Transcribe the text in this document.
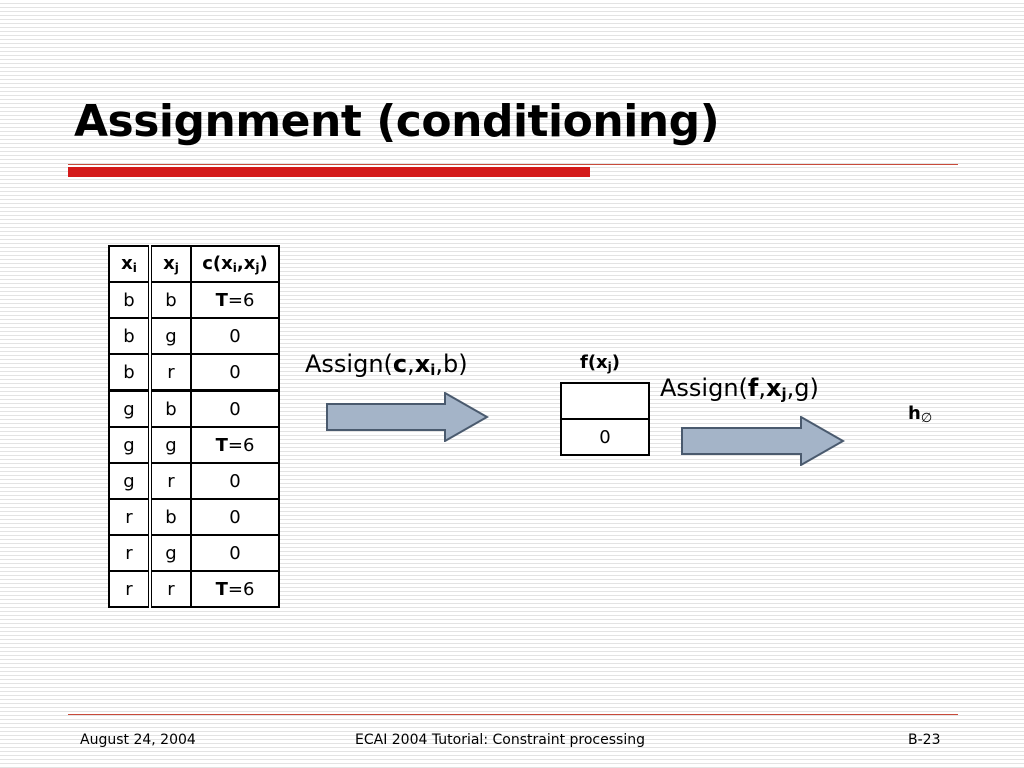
Assignment (conditioning)
$x_i$	$x_j$	$c(x_i,x_j)$
b	b	T=6
b	g	0
b	r	0
g	b	0
g	g	T=6
g	r	0
r	b	0
r	g	0
r	r	T=6
$Assign(c,x_i,b)$	$f(x_j)$

0
$Assign(f,x_j,g)$
h∅
August 24, 2004	ECAI 2004 Tutorial: Constraint processing	B-23
